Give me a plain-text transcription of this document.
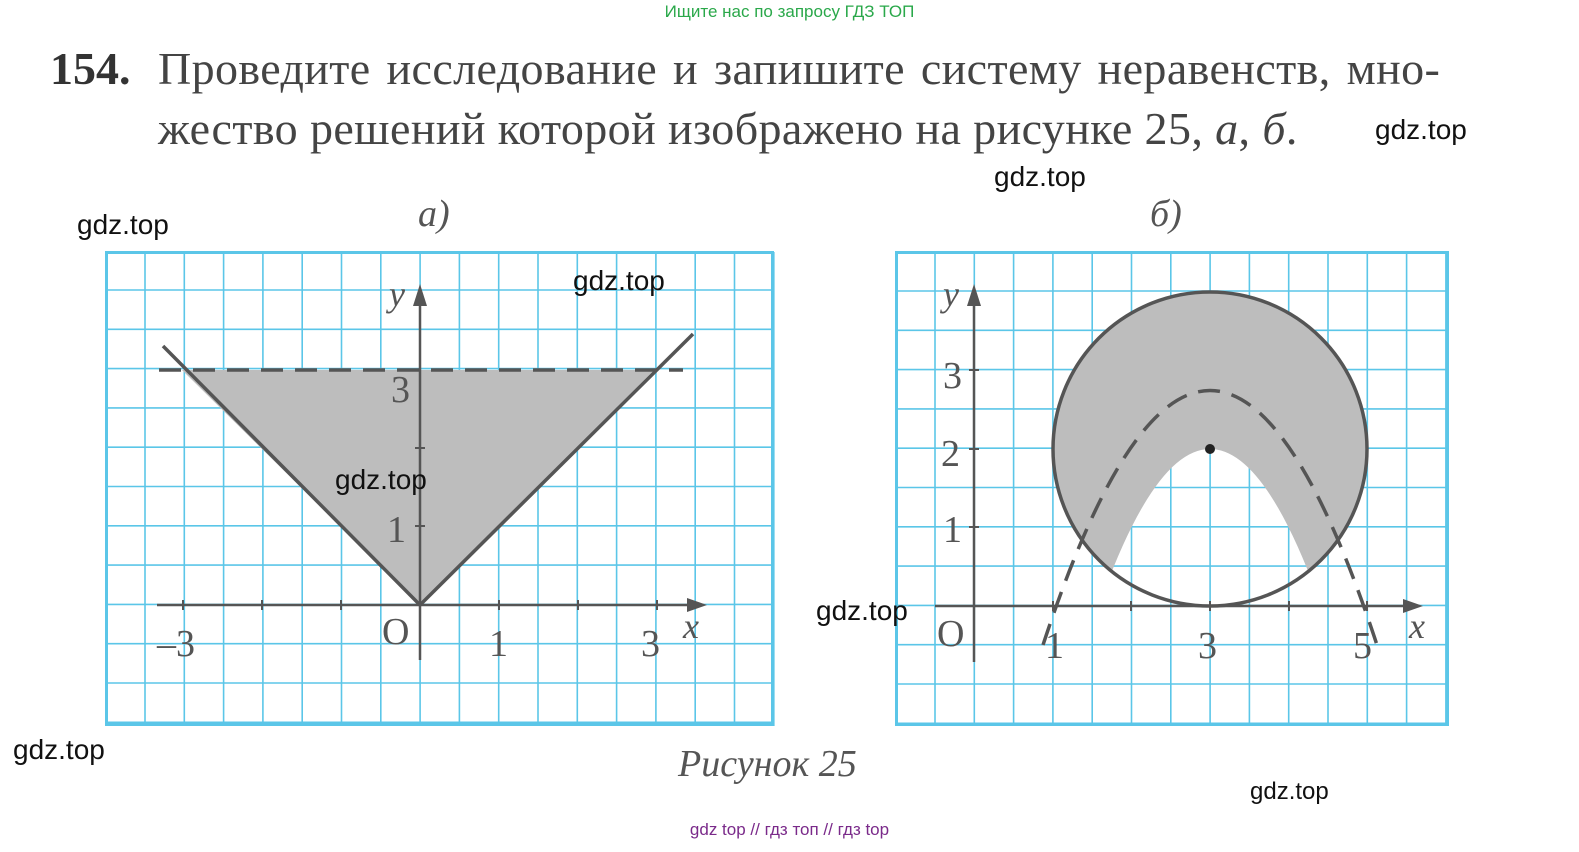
Ищите нас по запросу ГДЗ ТОП
154. Проведите исследование и запишите систему неравенств, мно-
жество решений которой изображено на рисунке 25, а, б.
а)	б)
y
x
O
–3	1	3
1
3
y
x
O 1	3	5
1
2
3
Рисунок 25
gdz.top
gdz.top
gdz.top
gdz.top
gdz.top
gdz.top
gdz.top
gdz.top
gdz top // гдз топ // гдз top
